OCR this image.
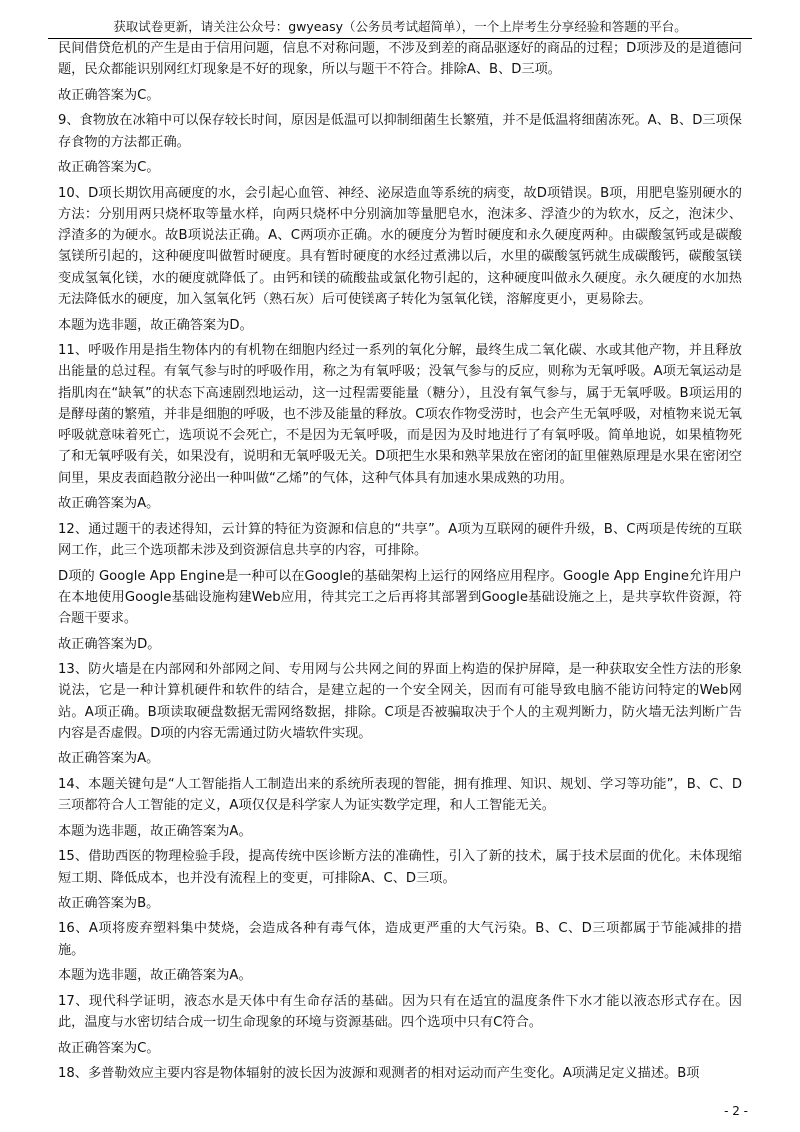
获取试卷更新，请关注公众号：gwyeasy（公务员考试超简单），一个上岸考生分享经验和答题的平台。

民间借贷危机的产生是由于信用问题，信息不对称问题，不涉及到差的商品驱逐好的商品的过程；D项涉及的是道德问题，民众都能识别网红灯现象是不好的现象，所以与题干不符合。排除A、B、D三项。

故正确答案为C。

9、食物放在冰箱中可以保存较长时间，原因是低温可以抑制细菌生长繁殖，并不是低温将细菌冻死。A、B、D三项保存食物的方法都正确。

故正确答案为C。

10、D项长期饮用高硬度的水，会引起心血管、神经、泌尿造血等系统的病变，故D项错误。B项，用肥皂鉴别硬水的方法：分别用两只烧杯取等量水样，向两只烧杯中分别滴加等量肥皂水，泡沫多、浮渣少的为软水，反之，泡沫少、浮渣多的为硬水。故B项说法正确。A、C两项亦正确。水的硬度分为暂时硬度和永久硬度两种。由碳酸氢钙或是碳酸氢镁所引起的，这种硬度叫做暂时硬度。具有暂时硬度的水经过煮沸以后，水里的碳酸氢钙就生成碳酸钙，碳酸氢镁变成氢氧化镁，水的硬度就降低了。由钙和镁的硫酸盐或氯化物引起的，这种硬度叫做永久硬度。永久硬度的水加热无法降低水的硬度，加入氢氧化钙（熟石灰）后可使镁离子转化为氢氧化镁，溶解度更小，更易除去。

本题为选非题，故正确答案为D。

11、呼吸作用是指生物体内的有机物在细胞内经过一系列的氧化分解，最终生成二氧化碳、水或其他产物，并且释放出能量的总过程。有氧气参与时的呼吸作用，称之为有氧呼吸；没氧气参与的反应，则称为无氧呼吸。A项无氧运动是指肌肉在“缺氧”的状态下高速剧烈地运动，这一过程需要能量（糖分），且没有氧气参与，属于无氧呼吸。B项运用的是酵母菌的繁殖，并非是细胞的呼吸，也不涉及能量的释放。C项农作物受涝时，也会产生无氧呼吸，对植物来说无氧呼吸就意味着死亡，选项说不会死亡，不是因为无氧呼吸，而是因为及时地进行了有氧呼吸。简单地说，如果植物死了和无氧呼吸有关，如果没有，说明和无氧呼吸无关。D项把生水果和熟苹果放在密闭的缸里催熟原理是水果在密闭空间里，果皮表面趋散分泌出一种叫做“乙烯”的气体，这种气体具有加速水果成熟的功用。

故正确答案为A。

12、通过题干的表述得知，云计算的特征为资源和信息的“共享”。A项为互联网的硬件升级，B、C两项是传统的互联网工作，此三个选项都未涉及到资源信息共享的内容，可排除。

D项的 Google App Engine是一种可以在Google的基础架构上运行的网络应用程序。Google App Engine允许用户在本地使用Google基础设施构建Web应用，待其完工之后再将其部署到Google基础设施之上，是共享软件资源，符合题干要求。

故正确答案为D。

13、防火墙是在内部网和外部网之间、专用网与公共网之间的界面上构造的保护屏障，是一种获取安全性方法的形象说法，它是一种计算机硬件和软件的结合，是建立起的一个安全网关，因而有可能导致电脑不能访问特定的Web网站。A项正确。B项读取硬盘数据无需网络数据，排除。C项是否被骗取决于个人的主观判断力，防火墙无法判断广告内容是否虚假。D项的内容无需通过防火墙软件实现。

故正确答案为A。

14、本题关键句是“人工智能指人工制造出来的系统所表现的智能，拥有推理、知识、规划、学习等功能”，B、C、D三项都符合人工智能的定义，A项仅仅是科学家人为证实数学定理，和人工智能无关。

本题为选非题，故正确答案为A。

15、借助西医的物理检验手段，提高传统中医诊断方法的准确性，引入了新的技术，属于技术层面的优化。未体现缩短工期、降低成本，也并没有流程上的变更，可排除A、C、D三项。

故正确答案为B。

16、A项将废弃塑料集中焚烧，会造成各种有毒气体，造成更严重的大气污染。B、C、D三项都属于节能减排的措施。

本题为选非题，故正确答案为A。

17、现代科学证明，液态水是天体中有生命存活的基础。因为只有在适宜的温度条件下水才能以液态形式存在。因此，温度与水密切结合成一切生命现象的环境与资源基础。四个选项中只有C符合。

故正确答案为C。

18、多普勒效应主要内容是物体辐射的波长因为波源和观测者的相对运动而产生变化。A项满足定义描述。B项

- 2 -
